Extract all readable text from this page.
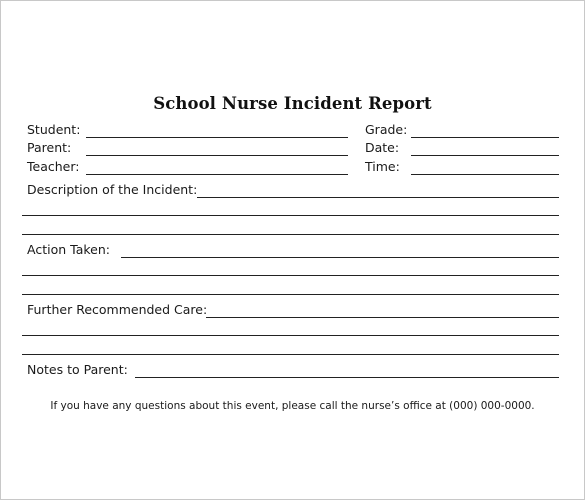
School Nurse Incident Report
Student:	Grade:
Parent:	Date:
Teacher:	Time:
Description of the Incident:
Action Taken:
Further Recommended Care:
Notes to Parent:
If you have any questions about this event, please call the nurse’s office at (000) 000-0000.
